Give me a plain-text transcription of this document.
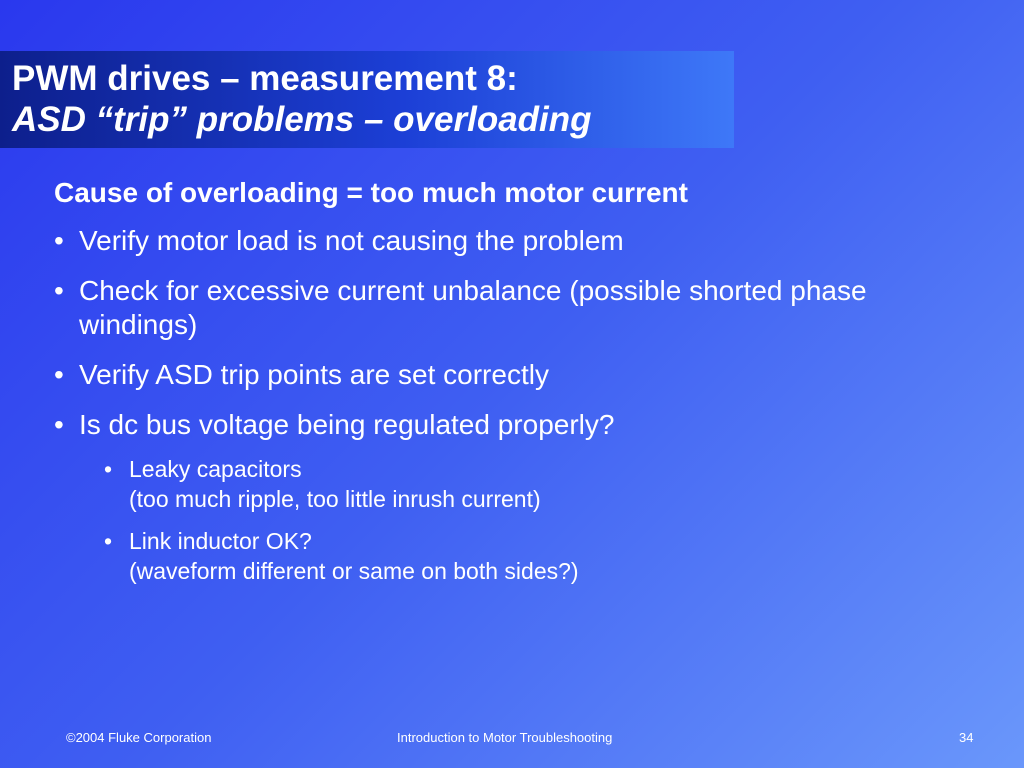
PWM drives – measurement 8:
ASD “trip” problems – overloading
Cause of overloading = too much motor current
• Verify motor load is not causing the problem
• Check for excessive current unbalance (possible shorted phase windings)
• Verify ASD trip points are set correctly
• Is dc bus voltage being regulated properly?
• Leaky capacitors
(too much ripple, too little inrush current)
• Link inductor OK?
(waveform different or same on both sides?)
©2004 Fluke Corporation	Introduction to Motor Troubleshooting	34
